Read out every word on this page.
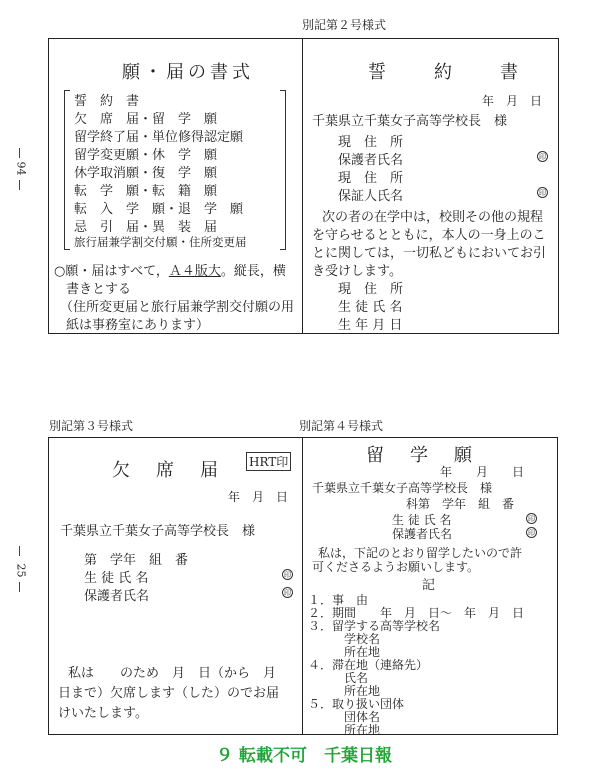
94
25
別記第２号様式
願・届の書式
誓　約　書
欠　席　届・留　学　願
留学終了届・単位修得認定願
留学変更願・休　学　願
休学取消願・復　学　願
転　学　願・転　籍　願
転　入　学　願・退　学　願
忌　引　届・異　装　届
旅行届兼学割交付願・住所変更届
○願・届はすべて，Ａ４版大。縦長，横
書きとする
（住所変更届と旅行届兼学割交付願の用
紙は事務室にあります）
誓　　約　　書
年　月　日
千葉県立千葉女子高等学校長　様
現　住　所
保護者氏名	印
現　住　所
保証人氏名	印
次の者の在学中は，校則その他の規程
を守らせるとともに，本人の一身上のこ
とに関しては，一切私どもにおいてお引
き受けします。
現　住　所
生 徒 氏 名
生 年 月 日
別記第３号様式
欠　席　届 HRT印
年　月　日
千葉県立千葉女子高等学校長　様
第　学年　組　番
生 徒 氏 名	印
保護者氏名	印
私は　　のため　月　日（から　月
日まで）欠席します（した）のでお届
けいたします。
別記第４号様式
留　学　願
年　　月　　日
千葉県立千葉女子高等学校長　様
科第　学年　組　番
生 徒 氏 名	印
保護者氏名	印
私は，下記のとおり留学したいので許
可くださるようお願いします。
記
１．事　由
２．期間　　年　月　日～　年　月　日
３．留学する高等学校名
　　　学校名
　　　所在地
４．滞在地（連絡先）
　　　氏名
　　　所在地
５．取り扱い団体
　　　団体名
　　　所在地
９ 転載不可　千葉日報
